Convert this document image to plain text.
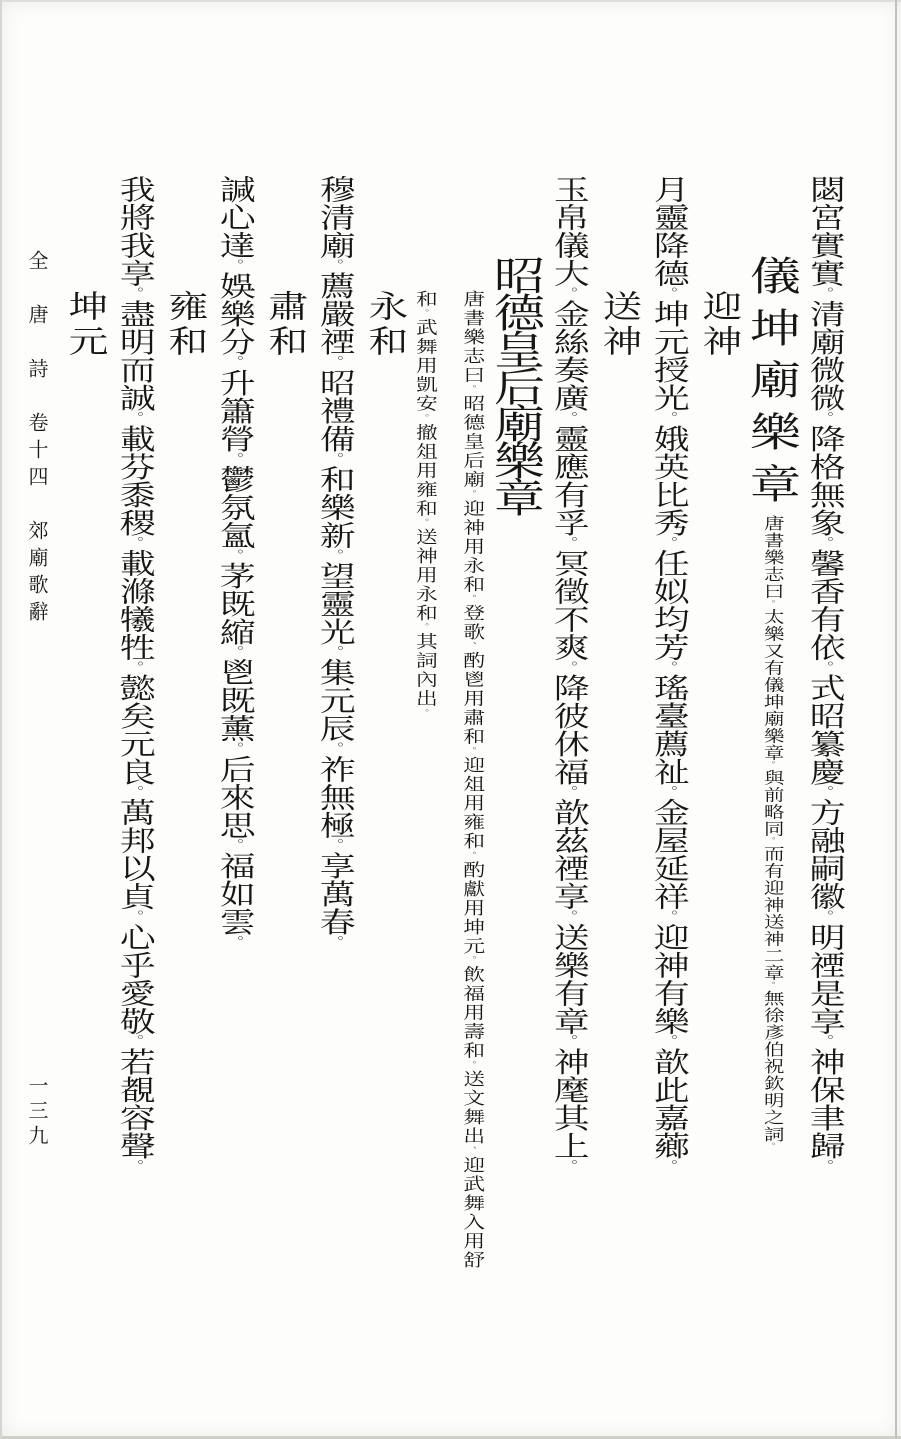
閟宮實實。清廟微微。降格無象。馨香有依。式昭纂慶。方融嗣徽。明禋是享。神保聿歸。
儀坤廟樂章唐書樂志曰。太樂又有儀坤廟樂章。與前略同。而有迎神送神二章。無徐彥伯祝欽明之詞。
迎神
月靈降德。坤元授光。娥英比秀。任姒均芳。瑤臺薦祉。金屋延祥。迎神有樂。歆此嘉薌。
送神
玉帛儀大。金絲奏廣。靈應有孚。冥徵不爽。降彼休福。歆茲禋享。送樂有章。神麾其上。
昭德皇后廟樂章
唐書樂志曰。昭德皇后廟。迎神用永和。登歌、酌鬯用肅和。迎俎用雍和。酌獻用坤元。飲福用壽和。送文舞出、迎武舞入用舒
和。武舞用凱安。撤俎用雍和。送神用永和。其詞內出。
永和
穆清廟。薦嚴禋。昭禮備。和樂新。望靈光。集元辰。祚無極。享萬春。
肅和
諴心達。娛樂分。升簫膋。鬱氛氳。茅既縮。鬯既薰。后來思。福如雲。
雍和
我將我享。盡明而誠。載芬黍稷。載滌犧牲。懿矣元良。萬邦以貞。心乎愛敬。若覩容聲。
坤元
全　唐　詩　卷十四　郊廟歌辭
一三九
